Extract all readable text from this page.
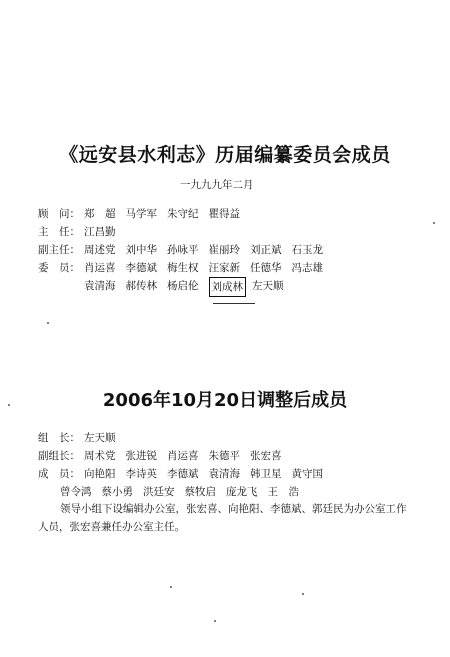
《远安县水利志》历届编纂委员会成员
一九九九年二月
顾　问： 郑　超 马学军 朱守纪 瞿得益
主　任： 江昌勤
副主任： 周述党 刘中华 孙咏平 崔丽玲 刘正斌 石玉龙
委　员： 肖运喜 李德斌 梅生权 汪家新 任德华 冯志雄
袁清海 郝传林 杨启伦 刘成林 左天顺
2006年10月20日调整后成员
组　长： 左天顺
副组长： 周术党 张进锐 肖运喜 朱德平 张宏喜
成　员： 向艳阳 李诗英 李德斌 袁清海 韩卫星 黄守国
曾令鸿 蔡小勇 洪廷安 蔡牧启 庞龙飞 王　浩
领导小组下设编辑办公室，张宏喜、向艳阳、李德斌、郭廷民为办公室工作人员，张宏喜兼任办公室主任。
